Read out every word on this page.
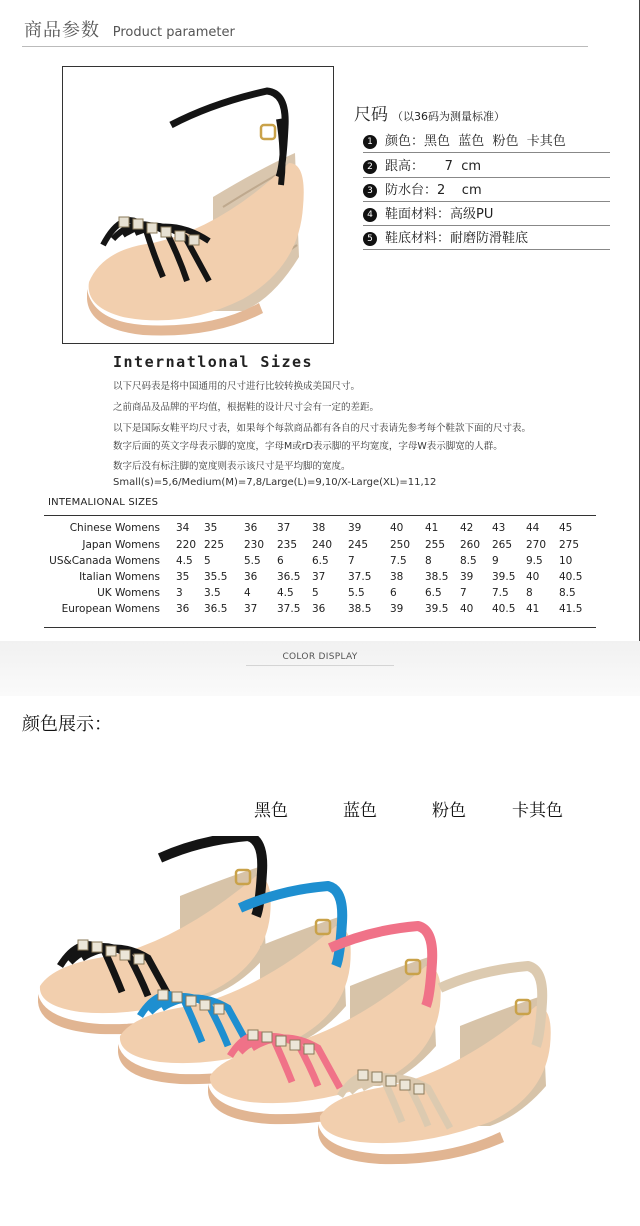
商品参数 Product parameter
尺码 （以36码为测量标准）
1 颜色：黑色  蓝色  粉色  卡其色
2 跟高：     7  cm
3 防水台：2    cm
4 鞋面材料：高级PU
5 鞋底材料：耐磨防滑鞋底
Internatlonal Sizes
以下尺码表是将中国通用的尺寸进行比较转换成美国尺寸。
之前商品及品牌的平均值，根据鞋的设计尺寸会有一定的差距。
以下是国际女鞋平均尺寸表，如果每个每款商品都有各自的尺寸表请先参考每个鞋款下面的尺寸表。
数字后面的英文字母表示脚的宽度，字母M或rD表示脚的平均宽度，字母W表示脚宽的人群。
数字后没有标注脚的宽度则表示该尺寸是平均脚的宽度。
Small(s)=5,6/Medium(M)=7,8/Large(L)=9,10/X-Large(XL)=11,12
INTEMALIONAL SIZES
Chinese Womens 34 35	36 37 38 39	40 41 42 43 44 45
Japan Womens 220 225 230 235 240 245 250 255 260 265 270 275
US&Canada Womens 4.5 5	5.5 6	6.5 7	7.5 8	8.5 9	9.5 10
Italian Womens 35 35.5 36 36.5 37 37.5 38 38.5 39 39.5 40 40.5
UK Womens 3 3.5 4	4.5 5	5.5 6	6.5 7 7.5 8	8.5
European Womens 36 36.5 37 37.5 36 38.5 39 39.5 40 40.5 41 41.5
COLOR DISPLAY
颜色展示：
黑色	蓝色	粉色	卡其色
